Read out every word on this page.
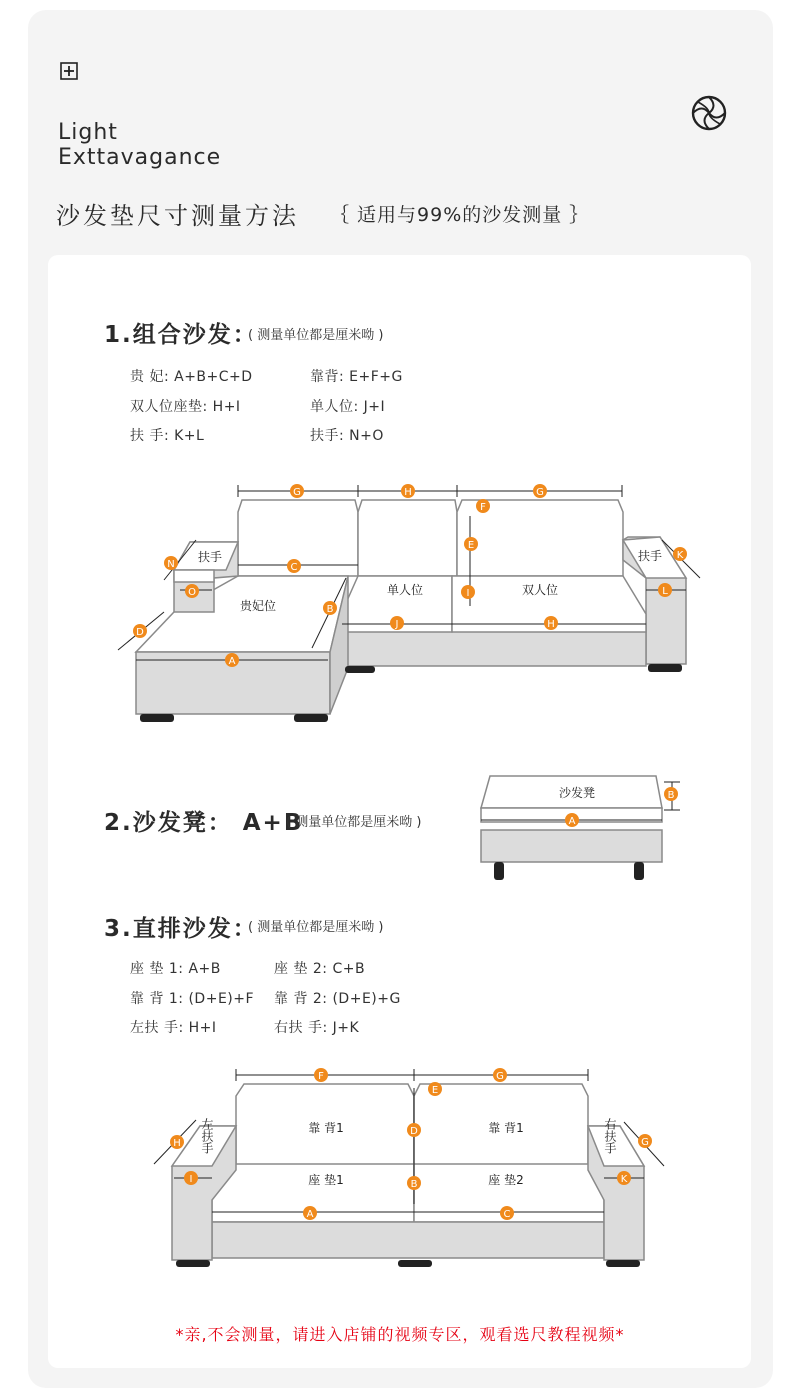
Light
Exttavagance
沙发垫尺寸测量方法 ｛ 适用与99%的沙发测量 ｝
1.组合沙发：
( 测量单位都是厘米呦 )
贵 妃: A+B+C+D	靠背: E+F+G
双人位座垫: H+I	单人位: J+I
扶 手: K+L	扶手: N+O
2.沙发凳： A+B
( 测量单位都是厘米呦 )
3.直排沙发：
( 测量单位都是厘米呦 )
座 垫 1: A+B	座 垫 2: C+B
靠 背 1: (D+E)+F 靠 背 2: (D+E)+G
左扶 手: H+I	右扶 手: J+K
扶手	扶手
贵妃位
单人位	双人位
沙发凳
靠 背1	靠 背1
座 垫1	座 垫2
左扶手	右扶手
G	H	G
F
E
I
C
N
K
O	L
B
D
J	H
A
B
A
F	G
E
D
H	G
I	K
B
A	C
*亲,不会测量，请进入店铺的视频专区，观看选尺教程视频*
